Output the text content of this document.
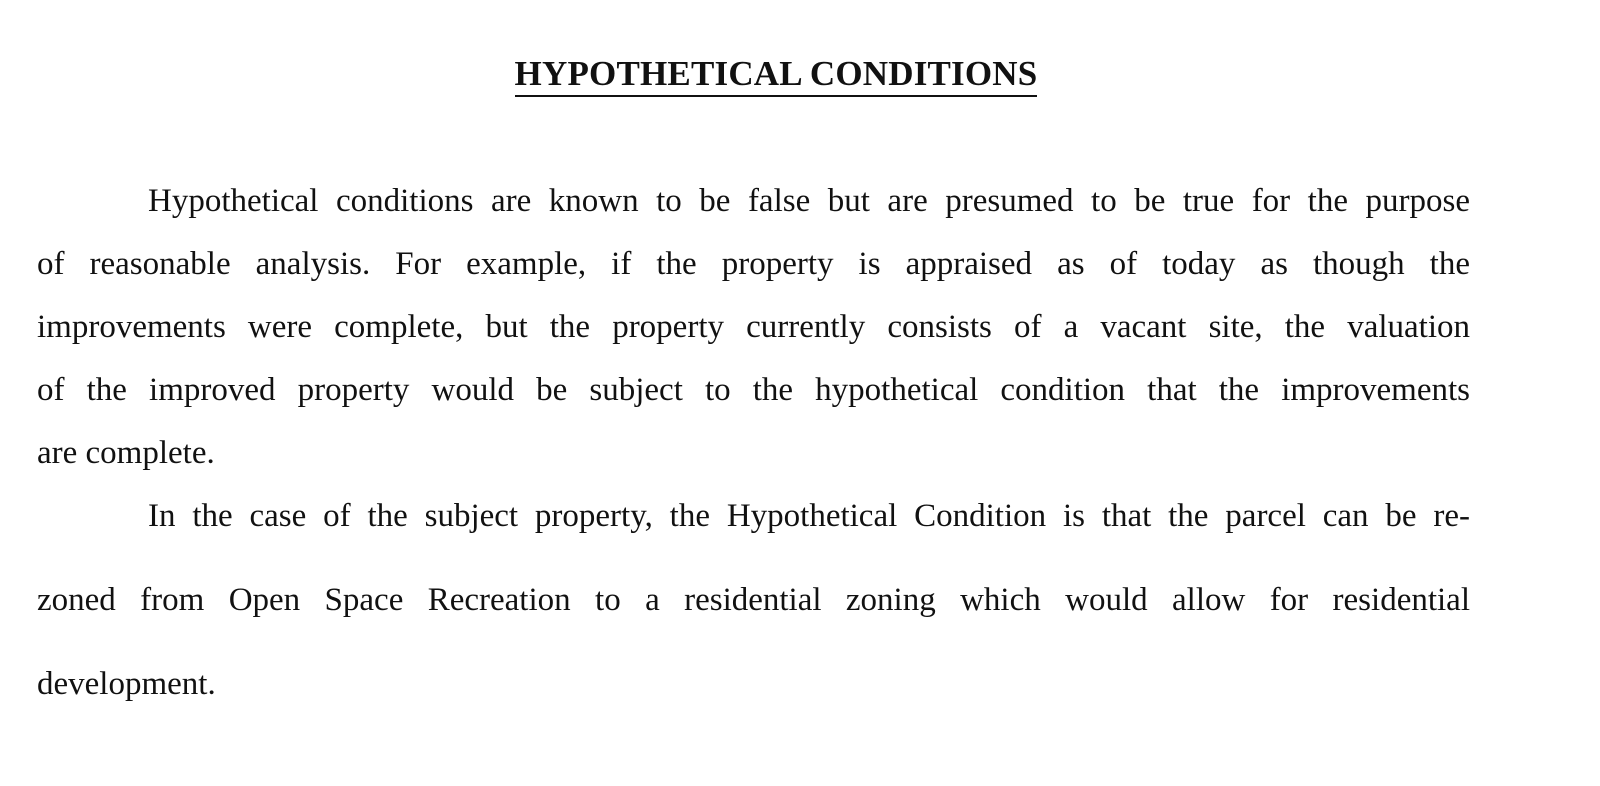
HYPOTHETICAL CONDITIONS
Hypothetical conditions are known to be false but are presumed to be true for the purpose
of reasonable analysis. For example, if the property is appraised as of today as though the
improvements were complete, but the property currently consists of a vacant site, the valuation
of the improved property would be subject to the hypothetical condition that the improvements
are complete.
In the case of the subject property, the Hypothetical Condition is that the parcel can be re-
zoned from Open Space Recreation to a residential zoning which would allow for residential
development.
